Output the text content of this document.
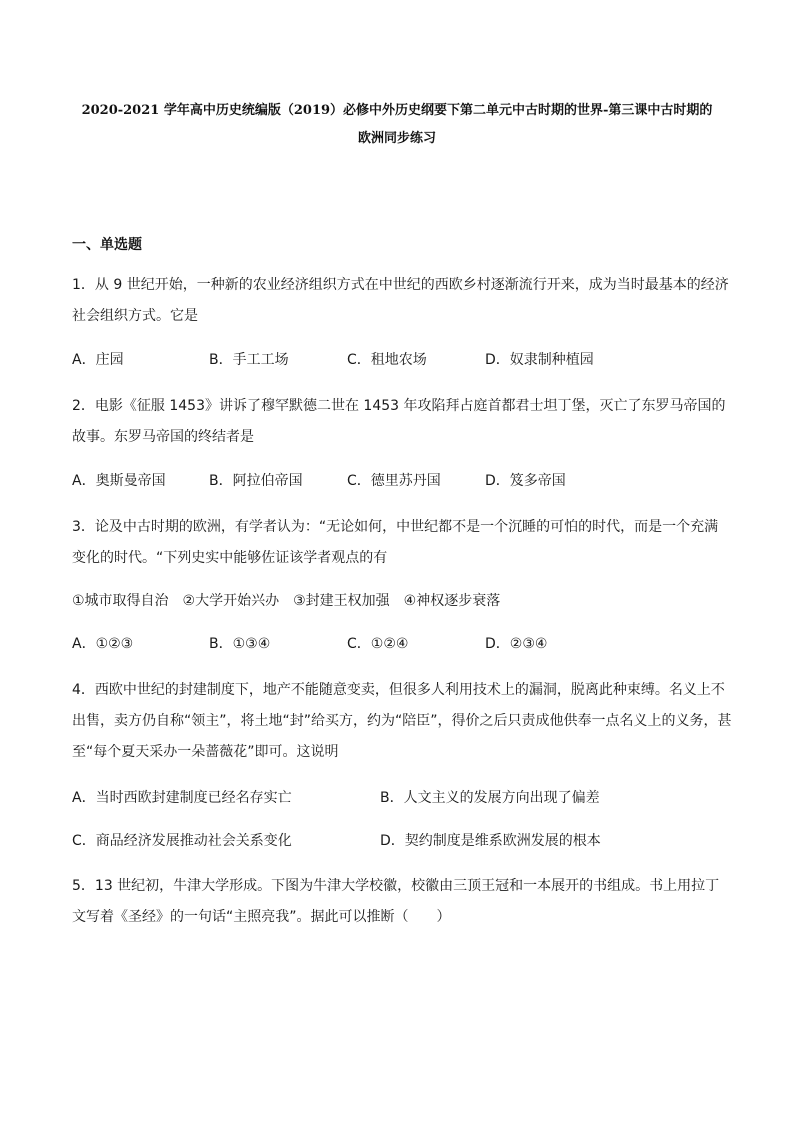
2020-2021 学年高中历史统编版（2019）必修中外历史纲要下第二单元中古时期的世界-第三课中古时期的
欧洲同步练习
一、单选题
1．从 9 世纪开始，一种新的农业经济组织方式在中世纪的西欧乡村逐渐流行开来，成为当时最基本的经济社会组织方式。它是
A．庄园	B．手工工场	C．租地农场	D．奴隶制种植园
2．电影《征服 1453》讲诉了穆罕默德二世在 1453 年攻陷拜占庭首都君士坦丁堡，灭亡了东罗马帝国的故事。东罗马帝国的终结者是
A．奥斯曼帝国	B．阿拉伯帝国	C．德里苏丹国	D．笈多帝国
3．论及中古时期的欧洲，有学者认为：“无论如何，中世纪都不是一个沉睡的可怕的时代，而是一个充满变化的时代。“下列史实中能够佐证该学者观点的有
①城市取得自治　②大学开始兴办　③封建王权加强　④神权逐步衰落
A．①②③	B．①③④	C．①②④	D．②③④
4．西欧中世纪的封建制度下，地产不能随意变卖，但很多人利用技术上的漏洞，脱离此种束缚。名义上不出售，卖方仍自称“领主”，将土地“封”给买方，约为“陪臣”，得价之后只责成他供奉一点名义上的义务，甚至“每个夏天采办一朵蔷薇花”即可。这说明
A．当时西欧封建制度已经名存实亡	B．人文主义的发展方向出现了偏差
C．商品经济发展推动社会关系变化	D．契约制度是维系欧洲发展的根本
5．13 世纪初，牛津大学形成。下图为牛津大学校徽，校徽由三顶王冠和一本展开的书组成。书上用拉丁文写着《圣经》的一句话“主照亮我”。据此可以推断（　　）
